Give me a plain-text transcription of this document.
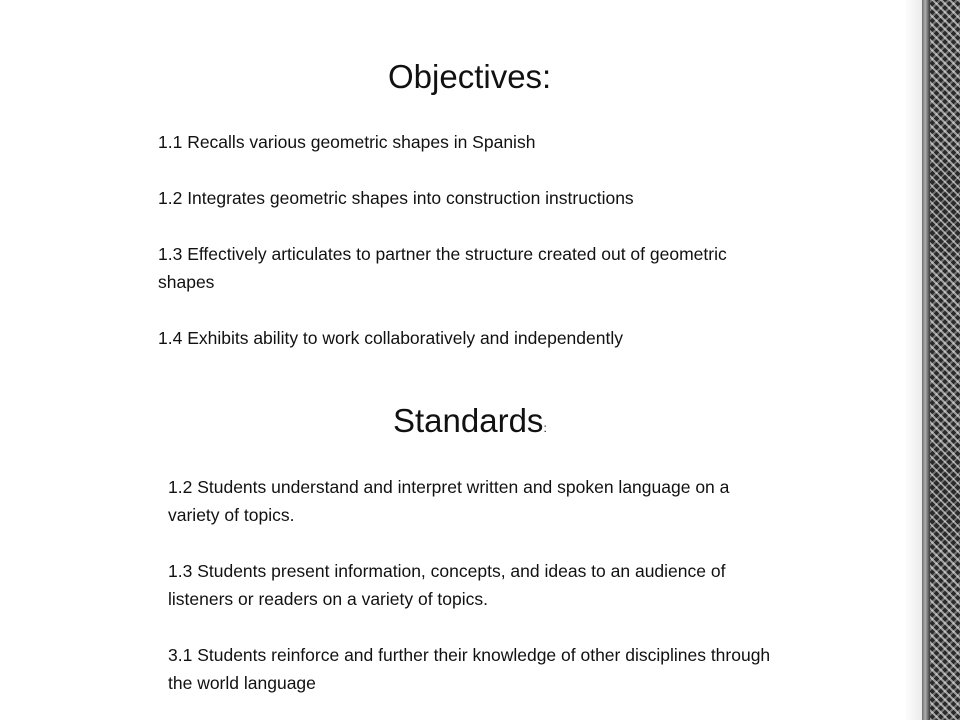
Objectives:
1.1 Recalls various geometric shapes in Spanish
1.2 Integrates geometric shapes into construction instructions
1.3 Effectively articulates to partner the structure created out of geometric shapes
1.4 Exhibits ability to work collaboratively and independently
Standards:
1.2 Students understand and interpret written and spoken language on a variety of topics.
1.3 Students present information, concepts, and ideas to an audience of listeners or readers on a variety of topics.
3.1 Students reinforce and further their knowledge of other disciplines through the world language
